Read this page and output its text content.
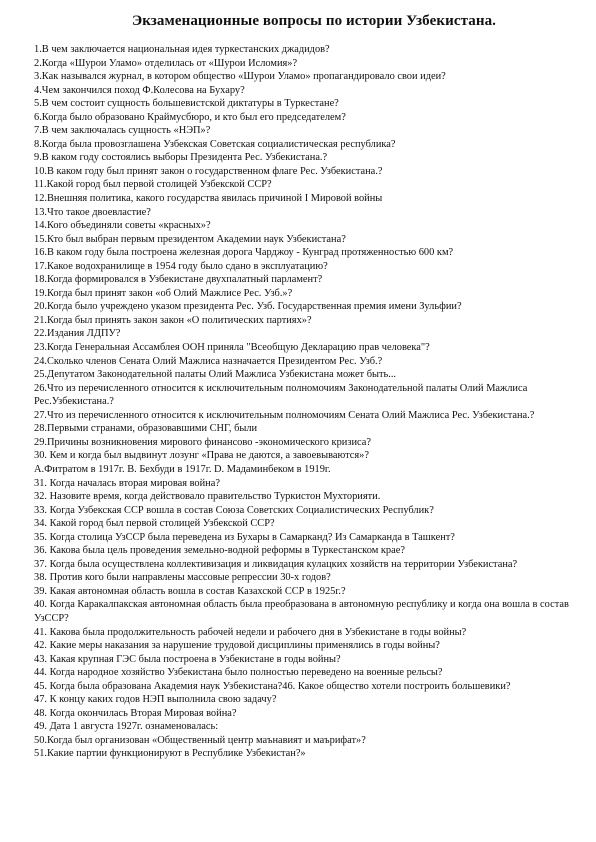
Экзаменационные вопросы по истории Узбекистана.
1.В чем заключается национальная идея туркестанских джадидов?
2.Когда «Шурои Уламо» отделилась от «Шурои Исломия»?
3.Как назывался журнал, в котором общество «Шурои Уламо» пропагандировало свои идеи?
4.Чем закончился поход Ф.Колесова на Бухару?
5.В чем состоит сущность большевистской диктатуры в Туркестане?
6.Когда было образовано Краймусбюро, и кто был его председателем?
7.В чем заключалась сущность «НЭП»?
8.Когда была провозглашена Узбекская Советская социалистическая республика?
9.В каком году состоялись выборы Президента Рес. Узбекистана.?
10.В каком году был принят закон о государственном флаге Рес. Узбекистана.?
11.Какой город был первой столицей Узбекской ССР?
12.Внешняя политика, какого государства явилась причиной I Мировой войны
13.Что такое двоевластие?
14.Кого объединяли советы «красных»?
15.Кто был выбран первым президентом Академии наук Узбекистана?
16.В каком году была построена железная дорога Чарджоу - Кунград протяженностью 600 км?
17.Какое водохранилище в 1954 году было сдано в эксплуатацию?
18.Когда формировался в Узбекистане двухпалатный парламент?
19.Когда был принят закон «об Олий Мажлисе Рес. Узб.»?
20.Когда было учреждено указом президента Рес. Узб. Государственная премия имени Зульфии?
21.Когда был принять закон закон «О политических партиях»?
22.Издания ЛДПУ?
23.Когда Генеральная Ассамблея ООН приняла "Всеобщую Декларацию прав человека"?
24.Сколько членов Сената Олий Мажлиса назначается Президентом Рес. Узб.?
25.Депутатом Законодательной палаты Олий Мажлиса Узбекистана может быть...
26.Что из перечисленного относится к исключительным полномочиям Законодательной палаты Олий Мажлиса Рес.Узбекистана.?
27.Что из перечисленного относится к исключительным полномочиям Сената Олий Мажлиса Рес. Узбекистана.?
28.Первыми странами, образовавшими СНГ, были
29.Причины возникновения мирового финансово -экономического кризиса?
30. Кем и когда был выдвинут лозунг «Права не даются, а завоевываются»?
А.Фитратом в 1917г. В. Бехбуди в 1917г. D. Мадаминбеком в 1919г.
31. Когда началась вторая мировая война?
32. Назовите время, когда действовало правительство Туркистон Мухторияти.
33. Когда Узбекская ССР вошла в состав Союза Советских Социалистических Республик?
34. Какой город был первой столицей Узбекской ССР?
35. Когда столица УзССР была переведена из Бухары в Самарканд? Из Самарканда в Ташкент?
36. Какова была цель проведения земельно-водной реформы в Туркестанском крае?
37. Когда была осуществлена коллективизация и ликвидация кулацких хозяйств на территории Узбекистана?
38. Против кого были направлены массовые репрессии 30-х годов?
39. Какая автономная область вошла в состав Казахской ССР в 1925г.?
40. Когда Каракалпакская автономная область была преобразована в автономную республику и когда она вошла в состав УзССР?
41. Какова была продолжительность рабочей недели и рабочего дня в Узбекистане в годы войны?
42. Какие меры наказания за нарушение трудовой дисциплины применялись в годы войны?
43. Какая крупная ГЭС была построена в Узбекистане в годы войны?
44. Когда народное хозяйство Узбекистана было полностью переведено на военные рельсы?
45. Когда была образована Академия наук Узбекистана?46. Какое общество хотели построить большевики?
47. К концу каких годов НЭП выполнила свою задачу?
48. Когда окончилась Вторая Мировая война?
49. Дата 1 августа 1927г. ознаменовалась:
50.Когда был организован «Общественный центр маънавият и маърифат»?
51.Какие партии функционируют в Республике Узбекистан?»
